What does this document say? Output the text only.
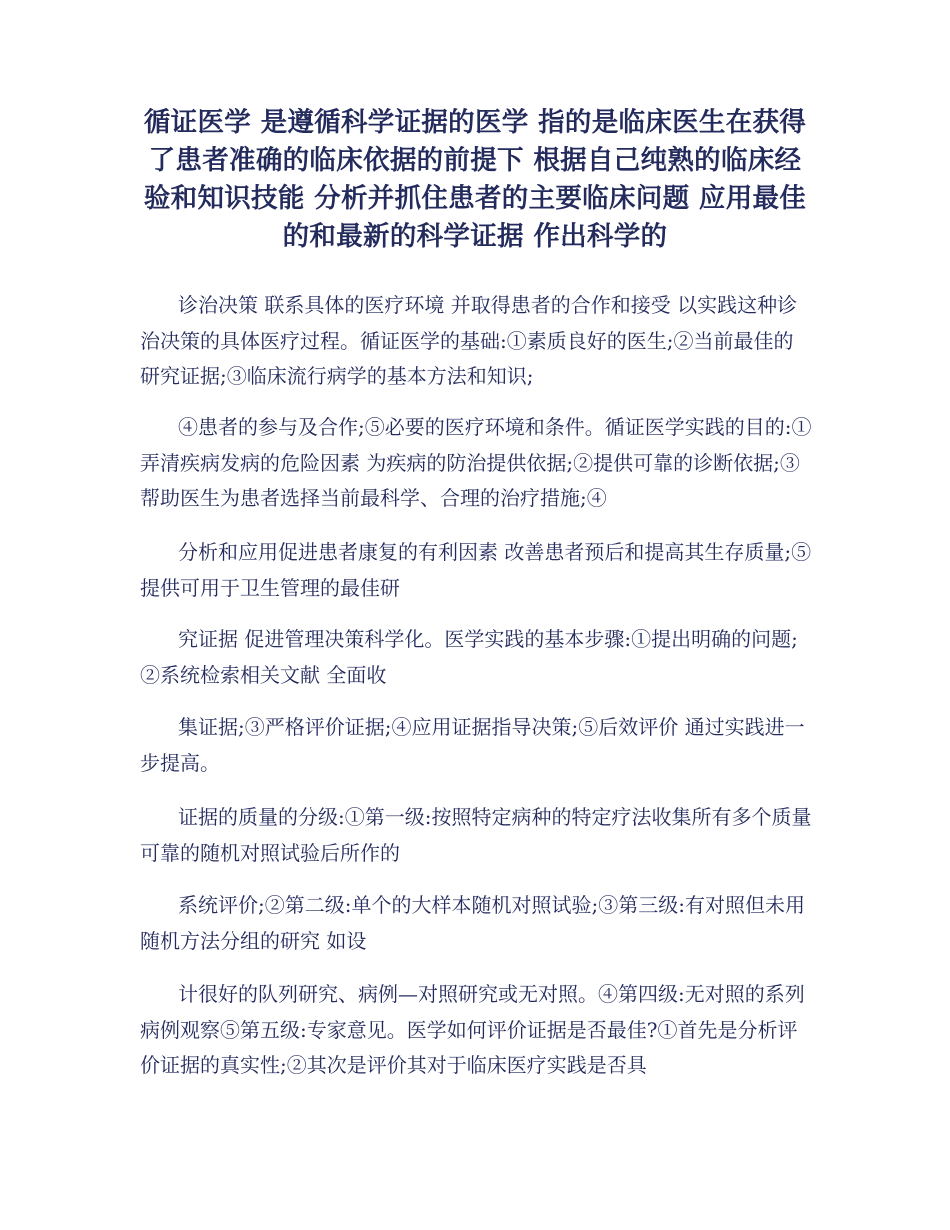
循证医学 是遵循科学证据的医学 指的是临床医生在获得了患者准确的临床依据的前提下 根据自己纯熟的临床经验和知识技能 分析并抓住患者的主要临床问题 应用最佳的和最新的科学证据 作出科学的

诊治决策 联系具体的医疗环境 并取得患者的合作和接受 以实践这种诊治决策的具体医疗过程。循证医学的基础:①素质良好的医生;②当前最佳的研究证据;③临床流行病学的基本方法和知识;

④患者的参与及合作;⑤必要的医疗环境和条件。循证医学实践的目的:①弄清疾病发病的危险因素 为疾病的防治提供依据;②提供可靠的诊断依据;③帮助医生为患者选择当前最科学、合理的治疗措施;④

分析和应用促进患者康复的有利因素 改善患者预后和提高其生存质量;⑤提供可用于卫生管理的最佳研

究证据 促进管理决策科学化。医学实践的基本步骤:①提出明确的问题;②系统检索相关文献 全面收

集证据;③严格评价证据;④应用证据指导决策;⑤后效评价 通过实践进一步提高。

证据的质量的分级:①第一级:按照特定病种的特定疗法收集所有多个质量可靠的随机对照试验后所作的

系统评价;②第二级:单个的大样本随机对照试验;③第三级:有对照但未用随机方法分组的研究 如设

计很好的队列研究、病例—对照研究或无对照。④第四级:无对照的系列病例观察⑤第五级:专家意见。医学如何评价证据是否最佳?①首先是分析评价证据的真实性;②其次是评价其对于临床医疗实践是否具
